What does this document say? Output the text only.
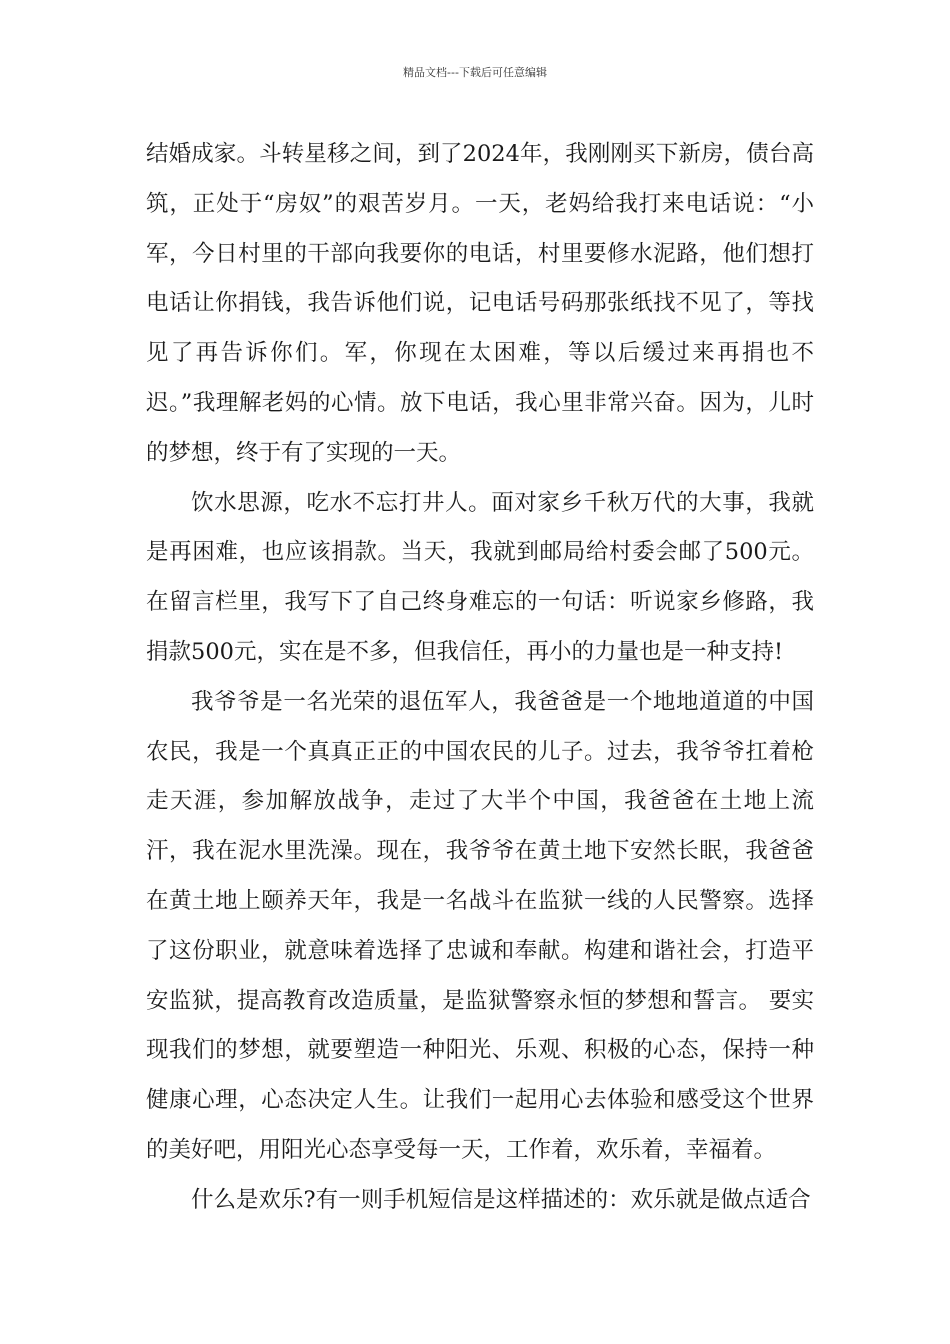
精品文档---下载后可任意编辑

结婚成家。斗转星移之间，到了2024年，我刚刚买下新房，债台高筑，正处于“房奴”的艰苦岁月。一天，老妈给我打来电话说：“小军，今日村里的干部向我要你的电话，村里要修水泥路，他们想打电话让你捐钱，我告诉他们说，记电话号码那张纸找不见了，等找见了再告诉你们。军，你现在太困难，等以后缓过来再捐也不迟。”我理解老妈的心情。放下电话，我心里非常兴奋。因为，儿时的梦想，终于有了实现的一天。

饮水思源，吃水不忘打井人。面对家乡千秋万代的大事，我就是再困难，也应该捐款。当天，我就到邮局给村委会邮了500元。在留言栏里，我写下了自己终身难忘的一句话：听说家乡修路，我捐款500元，实在是不多，但我信任，再小的力量也是一种支持!

我爷爷是一名光荣的退伍军人，我爸爸是一个地地道道的中国农民，我是一个真真正正的中国农民的儿子。过去，我爷爷扛着枪走天涯，参加解放战争，走过了大半个中国，我爸爸在土地上流汗，我在泥水里洗澡。现在，我爷爷在黄土地下安然长眠，我爸爸在黄土地上颐养天年，我是一名战斗在监狱一线的人民警察。选择了这份职业，就意味着选择了忠诚和奉献。构建和谐社会，打造平安监狱，提高教育改造质量，是监狱警察永恒的梦想和誓言。 要实现我们的梦想，就要塑造一种阳光、乐观、积极的心态，保持一种健康心理，心态决定人生。让我们一起用心去体验和感受这个世界的美好吧，用阳光心态享受每一天，工作着，欢乐着，幸福着。

什么是欢乐?有一则手机短信是这样描述的：欢乐就是做点适合
